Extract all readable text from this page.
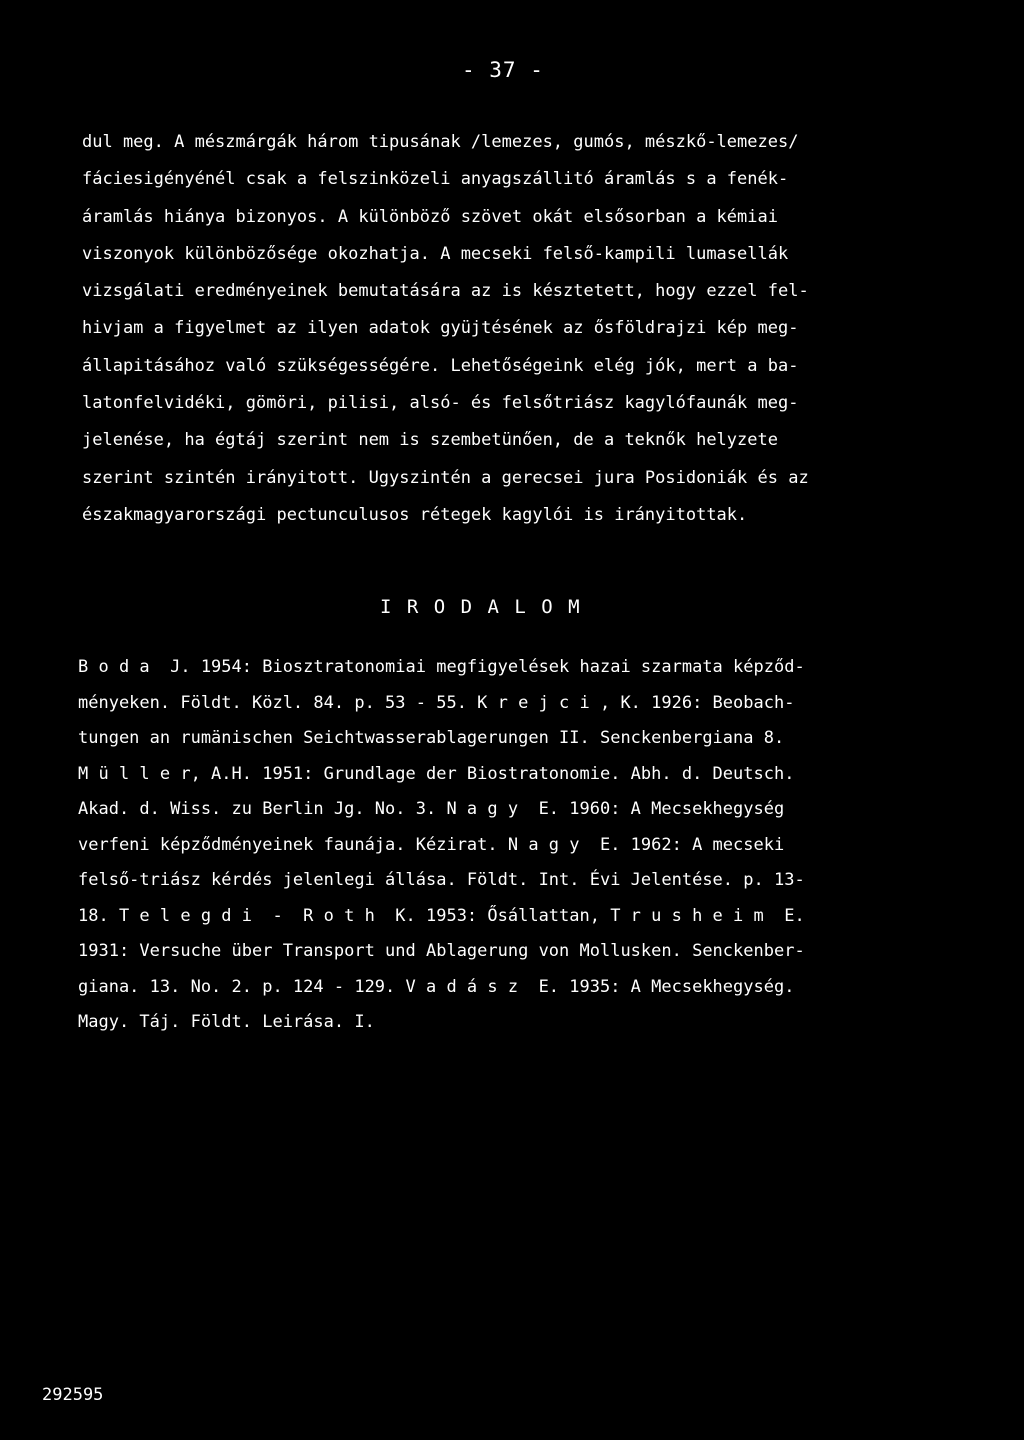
- 37 -
dul meg. A mészmárgák három tipusának /lemezes, gumós, mészkő-lemezes/
fáciesigényénél csak a felszinközeli anyagszállitó áramlás s a fenék-
áramlás hiánya bizonyos. A különböző szövet okát elsősorban a kémiai
viszonyok különbözősége okozhatja. A mecseki felső-kampili lumasellák
vizsgálati eredményeinek bemutatására az is késztetett, hogy ezzel fel-
hivjam a figyelmet az ilyen adatok gyüjtésének az ősföldrajzi kép meg-
állapitásához való szükségességére. Lehetőségeink elég jók, mert a ba-
latonfelvidéki, gömöri, pilisi, alsó- és felsőtriász kagylófaunák meg-
jelenése, ha égtáj szerint nem is szembetünően, de a teknők helyzete
szerint szintén irányitott. Ugyszintén a gerecsei jura Posidoniák és az
északmagyarországi pectunculusos rétegek kagylói is irányitottak.
I R O D A L O M
B o d a  J. 1954: Biosztratonomiai megfigyelések hazai szarmata képződ-
ményeken. Földt. Közl. 84. p. 53 - 55. K r e j c i , K. 1926: Beobach-
tungen an rumänischen Seichtwasserablagerungen II. Senckenbergiana 8.
M ü l l e r, A.H. 1951: Grundlage der Biostratonomie. Abh. d. Deutsch.
Akad. d. Wiss. zu Berlin Jg. No. 3. N a g y  E. 1960: A Mecsekhegység
verfeni képződményeinek faunája. Kézirat. N a g y  E. 1962: A mecseki
felső-triász kérdés jelenlegi állása. Földt. Int. Évi Jelentése. p. 13-
18. T e l e g d i  -  R o t h  K. 1953: Ősállattan, T r u s h e i m  E.
1931: Versuche über Transport und Ablagerung von Mollusken. Senckenber-
giana. 13. No. 2. p. 124 - 129. V a d á s z  E. 1935: A Mecsekhegység.
Magy. Táj. Földt. Leirása. I.
292595
